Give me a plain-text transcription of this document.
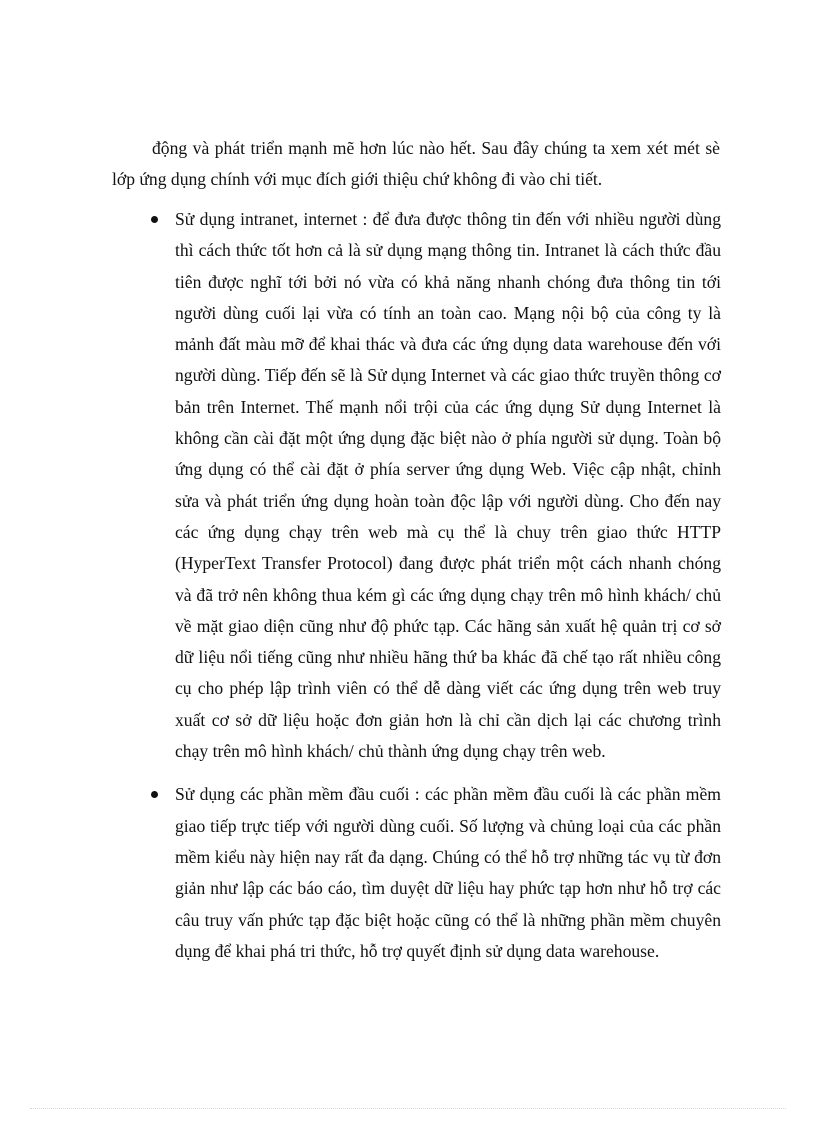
động và phát triển mạnh mẽ hơn lúc nào hết. Sau đây chúng ta xem xét mét sè lớp ứng dụng chính với mục đích giới thiệu chứ không đi vào chi tiết.

Sử dụng intranet, internet : để đưa được thông tin đến với nhiều người dùng thì cách thức tốt hơn cả là sử dụng mạng thông tin. Intranet là cách thức đầu tiên được nghĩ tới bởi nó vừa có khả năng nhanh chóng đưa thông tin tới người dùng cuối lại vừa có tính an toàn cao. Mạng nội bộ của công ty là mảnh đất màu mỡ để khai thác và đưa các ứng dụng data warehouse đến với người dùng. Tiếp đến sẽ là Sử dụng Internet và các giao thức truyền thông cơ bản trên Internet. Thế mạnh nổi trội của các ứng dụng Sử dụng Internet là không cần cài đặt một ứng dụng đặc biệt nào ở phía người sử dụng. Toàn bộ ứng dụng có thể cài đặt ở phía server ứng dụng Web. Việc cập nhật, chỉnh sửa và phát triển ứng dụng hoàn toàn độc lập với người dùng. Cho đến nay các ứng dụng chạy trên web mà cụ thể là chuy trên giao thức HTTP (HyperText Transfer Protocol) đang được phát triển một cách nhanh chóng và đã trở nên không thua kém gì các ứng dụng chạy trên mô hình khách/ chủ về mặt giao diện cũng như độ phức tạp. Các hãng sản xuất hệ quản trị cơ sở dữ liệu nổi tiếng cũng như nhiều hãng thứ ba khác đã chế tạo rất nhiều công cụ cho phép lập trình viên có thể dễ dàng viết các ứng dụng trên web truy xuất cơ sở dữ liệu hoặc đơn giản hơn là chỉ cần dịch lại các chương trình chạy trên mô hình khách/ chủ thành ứng dụng chạy trên web.
Sử dụng các phần mềm đầu cuối : các phần mềm đầu cuối là các phần mềm giao tiếp trực tiếp với người dùng cuối. Số lượng và chủng loại của các phần mềm kiểu này hiện nay rất đa dạng. Chúng có thể hỗ trợ những tác vụ từ đơn giản như lập các báo cáo, tìm duyệt dữ liệu hay phức tạp hơn như hỗ trợ các câu truy vấn phức tạp đặc biệt hoặc cũng có thể là những phần mềm chuyên dụng để khai phá tri thức, hỗ trợ quyết định sử dụng data warehouse.
